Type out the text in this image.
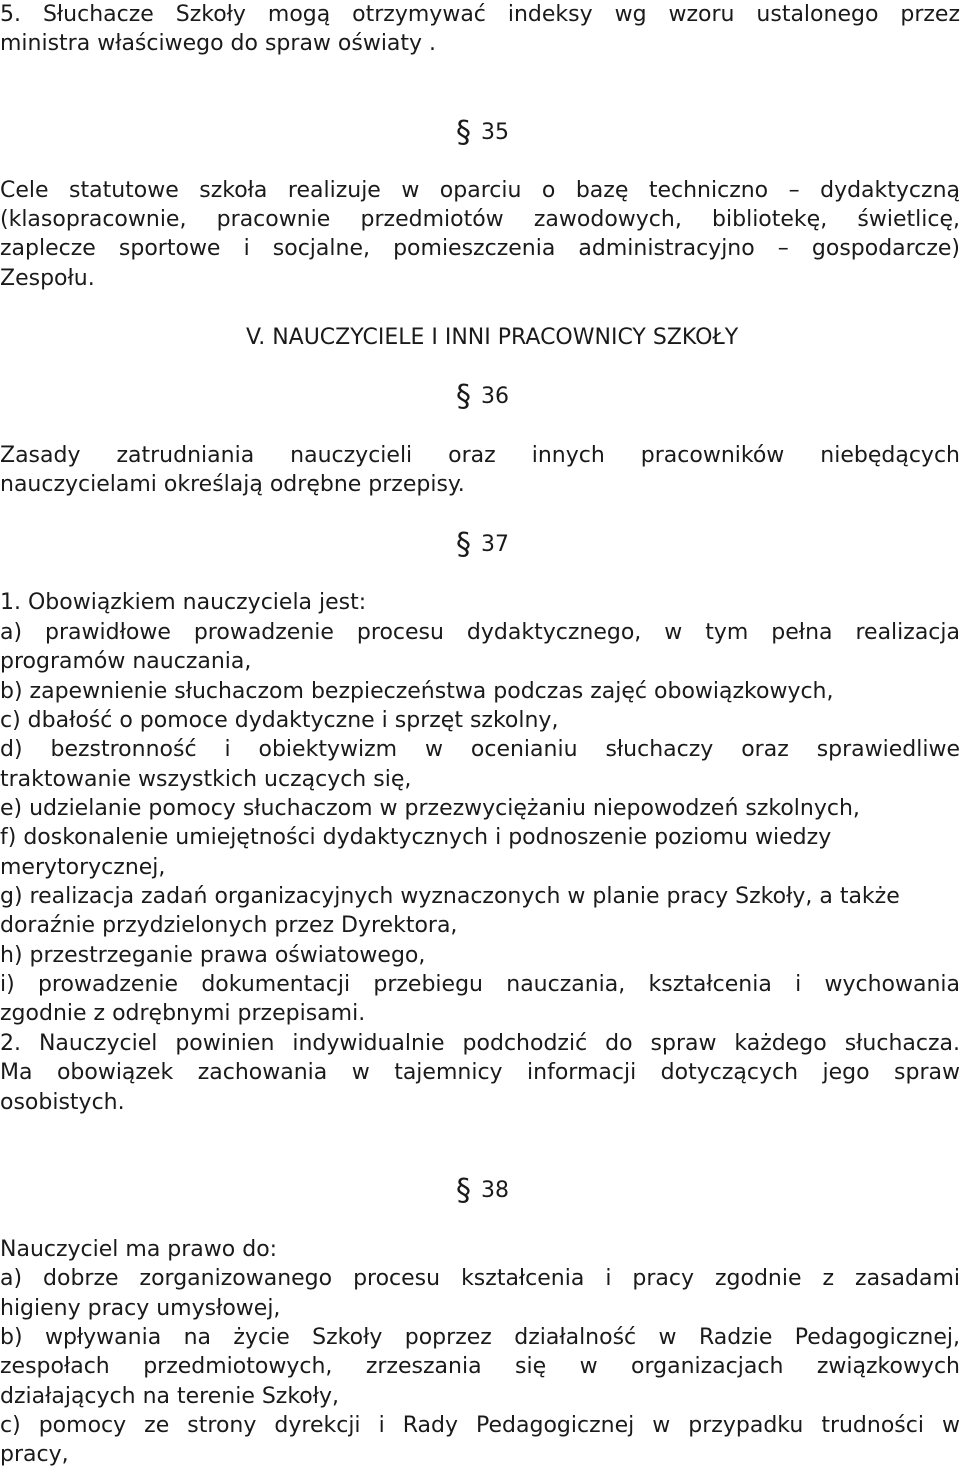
5. Słuchacze Szkoły mogą otrzymywać indeksy wg wzoru ustalonego przez
ministra właściwego do spraw oświaty .
§ 35
Cele statutowe szkoła realizuje w oparciu o bazę techniczno – dydaktyczną
(klasopracownie, pracownie przedmiotów zawodowych, bibliotekę, świetlicę,
zaplecze sportowe i socjalne, pomieszczenia administracyjno – gospodarcze)
Zespołu.
V. NAUCZYCIELE I INNI PRACOWNICY SZKOŁY
§ 36
Zasady zatrudniania nauczycieli oraz innych pracowników niebędących
nauczycielami określają odrębne przepisy.
§ 37
1. Obowiązkiem nauczyciela jest:
a) prawidłowe prowadzenie procesu dydaktycznego, w tym pełna realizacja
programów nauczania,
b) zapewnienie słuchaczom bezpieczeństwa podczas zajęć obowiązkowych,
c) dbałość o pomoce dydaktyczne i sprzęt szkolny,
d) bezstronność i obiektywizm w ocenianiu słuchaczy oraz sprawiedliwe
traktowanie wszystkich uczących się,
e) udzielanie pomocy słuchaczom w przezwyciężaniu niepowodzeń szkolnych,
f) doskonalenie umiejętności dydaktycznych i podnoszenie poziomu wiedzy
merytorycznej,
g) realizacja zadań organizacyjnych wyznaczonych w planie pracy Szkoły, a także
doraźnie przydzielonych przez Dyrektora,
h) przestrzeganie prawa oświatowego,
i) prowadzenie dokumentacji przebiegu nauczania, kształcenia i wychowania
zgodnie z odrębnymi przepisami.
2. Nauczyciel powinien indywidualnie podchodzić do spraw każdego słuchacza.
Ma obowiązek zachowania w tajemnicy informacji dotyczących jego spraw
osobistych.
§ 38
Nauczyciel ma prawo do:
a) dobrze zorganizowanego procesu kształcenia i pracy zgodnie z zasadami
higieny pracy umysłowej,
b) wpływania na życie Szkoły poprzez działalność w Radzie Pedagogicznej,
zespołach przedmiotowych, zrzeszania się w organizacjach związkowych
działających na terenie Szkoły,
c) pomocy ze strony dyrekcji i Rady Pedagogicznej w przypadku trudności w
pracy,
